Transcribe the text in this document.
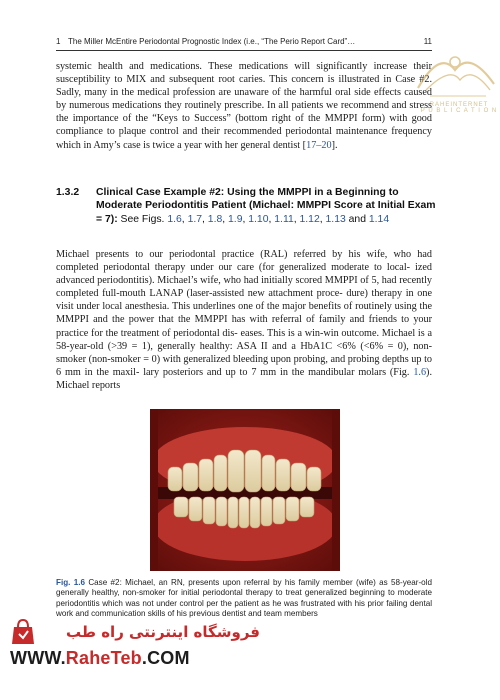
1 The Miller McEntire Periodontal Prognostic Index (i.e., “The Perio Report Card”…	11
systemic health and medications. These medications will significantly increase their susceptibility to MIX and subsequent root caries. This concern is illustrated in Case #2. Sadly, many in the medical profession are unaware of the harmful oral side effects caused by numerous medications they routinely prescribe. In all patients we recommend and stress the importance of the “Keys to Success” (bottom right of the MMPPI form) with good compliance to plaque control and their recommended periodontal maintenance frequency which in Amy’s case is twice a year with her general dentist [17–20].
1.3.2 Clinical Case Example #2: Using the MMPPI in a Beginning to Moderate Periodontitis Patient (Michael: MMPPI Score at Initial Exam = 7): See Figs. 1.6, 1.7, 1.8, 1.9, 1.10, 1.11, 1.12, 1.13 and 1.14
Michael presents to our periodontal practice (RAL) referred by his wife, who had completed periodontal therapy under our care (for generalized moderate to local- ized advanced periodontitis). Michael’s wife, who had initially scored MMPPI of 5, had recently completed full-mouth LANAP (laser-assisted new attachment proce- dure) therapy in one visit under local anesthesia. This underlines one of the major benefits of routinely using the MMPPI and the power that the MMPPI has with referral of family and friends to your practice for the treatment of periodontal dis- eases. This is a win-win outcome. Michael is a 58-year-old (>39 = 1), generally healthy: ASA II and a HbA1C <6% (<6% = 0), non-smoker (non-smoker = 0) with generalized bleeding upon probing, and probing depths up to 6 mm in the maxil- lary posteriors and up to 7 mm in the mandibular molars (Fig. 1.6). Michael reports
Fig. 1.6 Case #2: Michael, an RN, presents upon referral by his family member (wife) as 58-year-old generally healthy, non-smoker for initial periodontal therapy to treat generalized beginning to moderate periodontitis which was not under control per the patient as he was frustrated with his prior failing dental work and communication skills of his previous dentist and team members
RAHEINTERNET
P U B L I C A T I O N
فروشگاه اینترنتی راه طب
WWW.RaheTeb.COM
